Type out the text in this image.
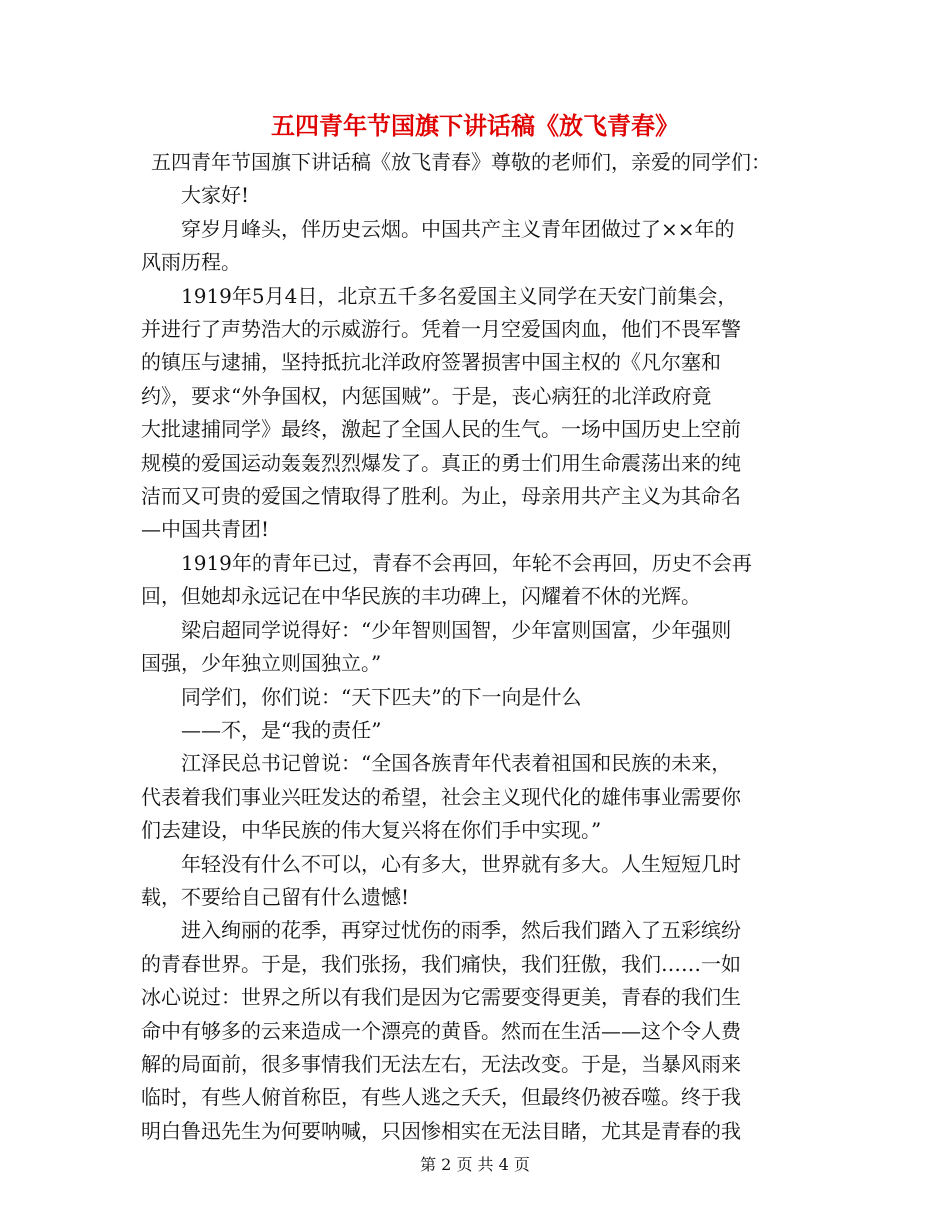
五四青年节国旗下讲话稿《放飞青春》
五四青年节国旗下讲话稿《放飞青春》尊敬的老师们，亲爱的同学们：
大家好!
穿岁月峰头，伴历史云烟。中国共产主义青年团做过了××年的
风雨历程。
1919年5月4日，北京五千多名爱国主义同学在天安门前集会，
并进行了声势浩大的示威游行。凭着一月空爱国肉血，他们不畏军警
的镇压与逮捕，坚持抵抗北洋政府签署损害中国主权的《凡尔塞和
约》，要求“外争国权，内惩国贼”。于是，丧心病狂的北洋政府竟
大批逮捕同学》最终，激起了全国人民的生气。一场中国历史上空前
规模的爱国运动轰轰烈烈爆发了。真正的勇士们用生命震荡出来的纯
洁而又可贵的爱国之情取得了胜利。为止，母亲用共产主义为其命名
—中国共青团!
1919年的青年已过，青春不会再回，年轮不会再回，历史不会再
回，但她却永远记在中华民族的丰功碑上，闪耀着不休的光辉。
梁启超同学说得好：“少年智则国智，少年富则国富，少年强则
国强，少年独立则国独立。”
同学们，你们说：“天下匹夫”的下一向是什么
——不，是“我的责任”
江泽民总书记曾说：“全国各族青年代表着祖国和民族的未来，
代表着我们事业兴旺发达的希望，社会主义现代化的雄伟事业需要你
们去建设，中华民族的伟大复兴将在你们手中实现。”
年轻没有什么不可以，心有多大，世界就有多大。人生短短几时
载，不要给自己留有什么遗憾!
进入绚丽的花季，再穿过忧伤的雨季，然后我们踏入了五彩缤纷
的青春世界。于是，我们张扬，我们痛快，我们狂傲，我们……一如
冰心说过：世界之所以有我们是因为它需要变得更美，青春的我们生
命中有够多的云来造成一个漂亮的黄昏。然而在生活——这个令人费
解的局面前，很多事情我们无法左右，无法改变。于是，当暴风雨来
临时，有些人俯首称臣，有些人逃之夭夭，但最终仍被吞噬。终于我
明白鲁迅先生为何要呐喊，只因惨相实在无法目睹，尤其是青春的我
第 2 页 共 4 页
